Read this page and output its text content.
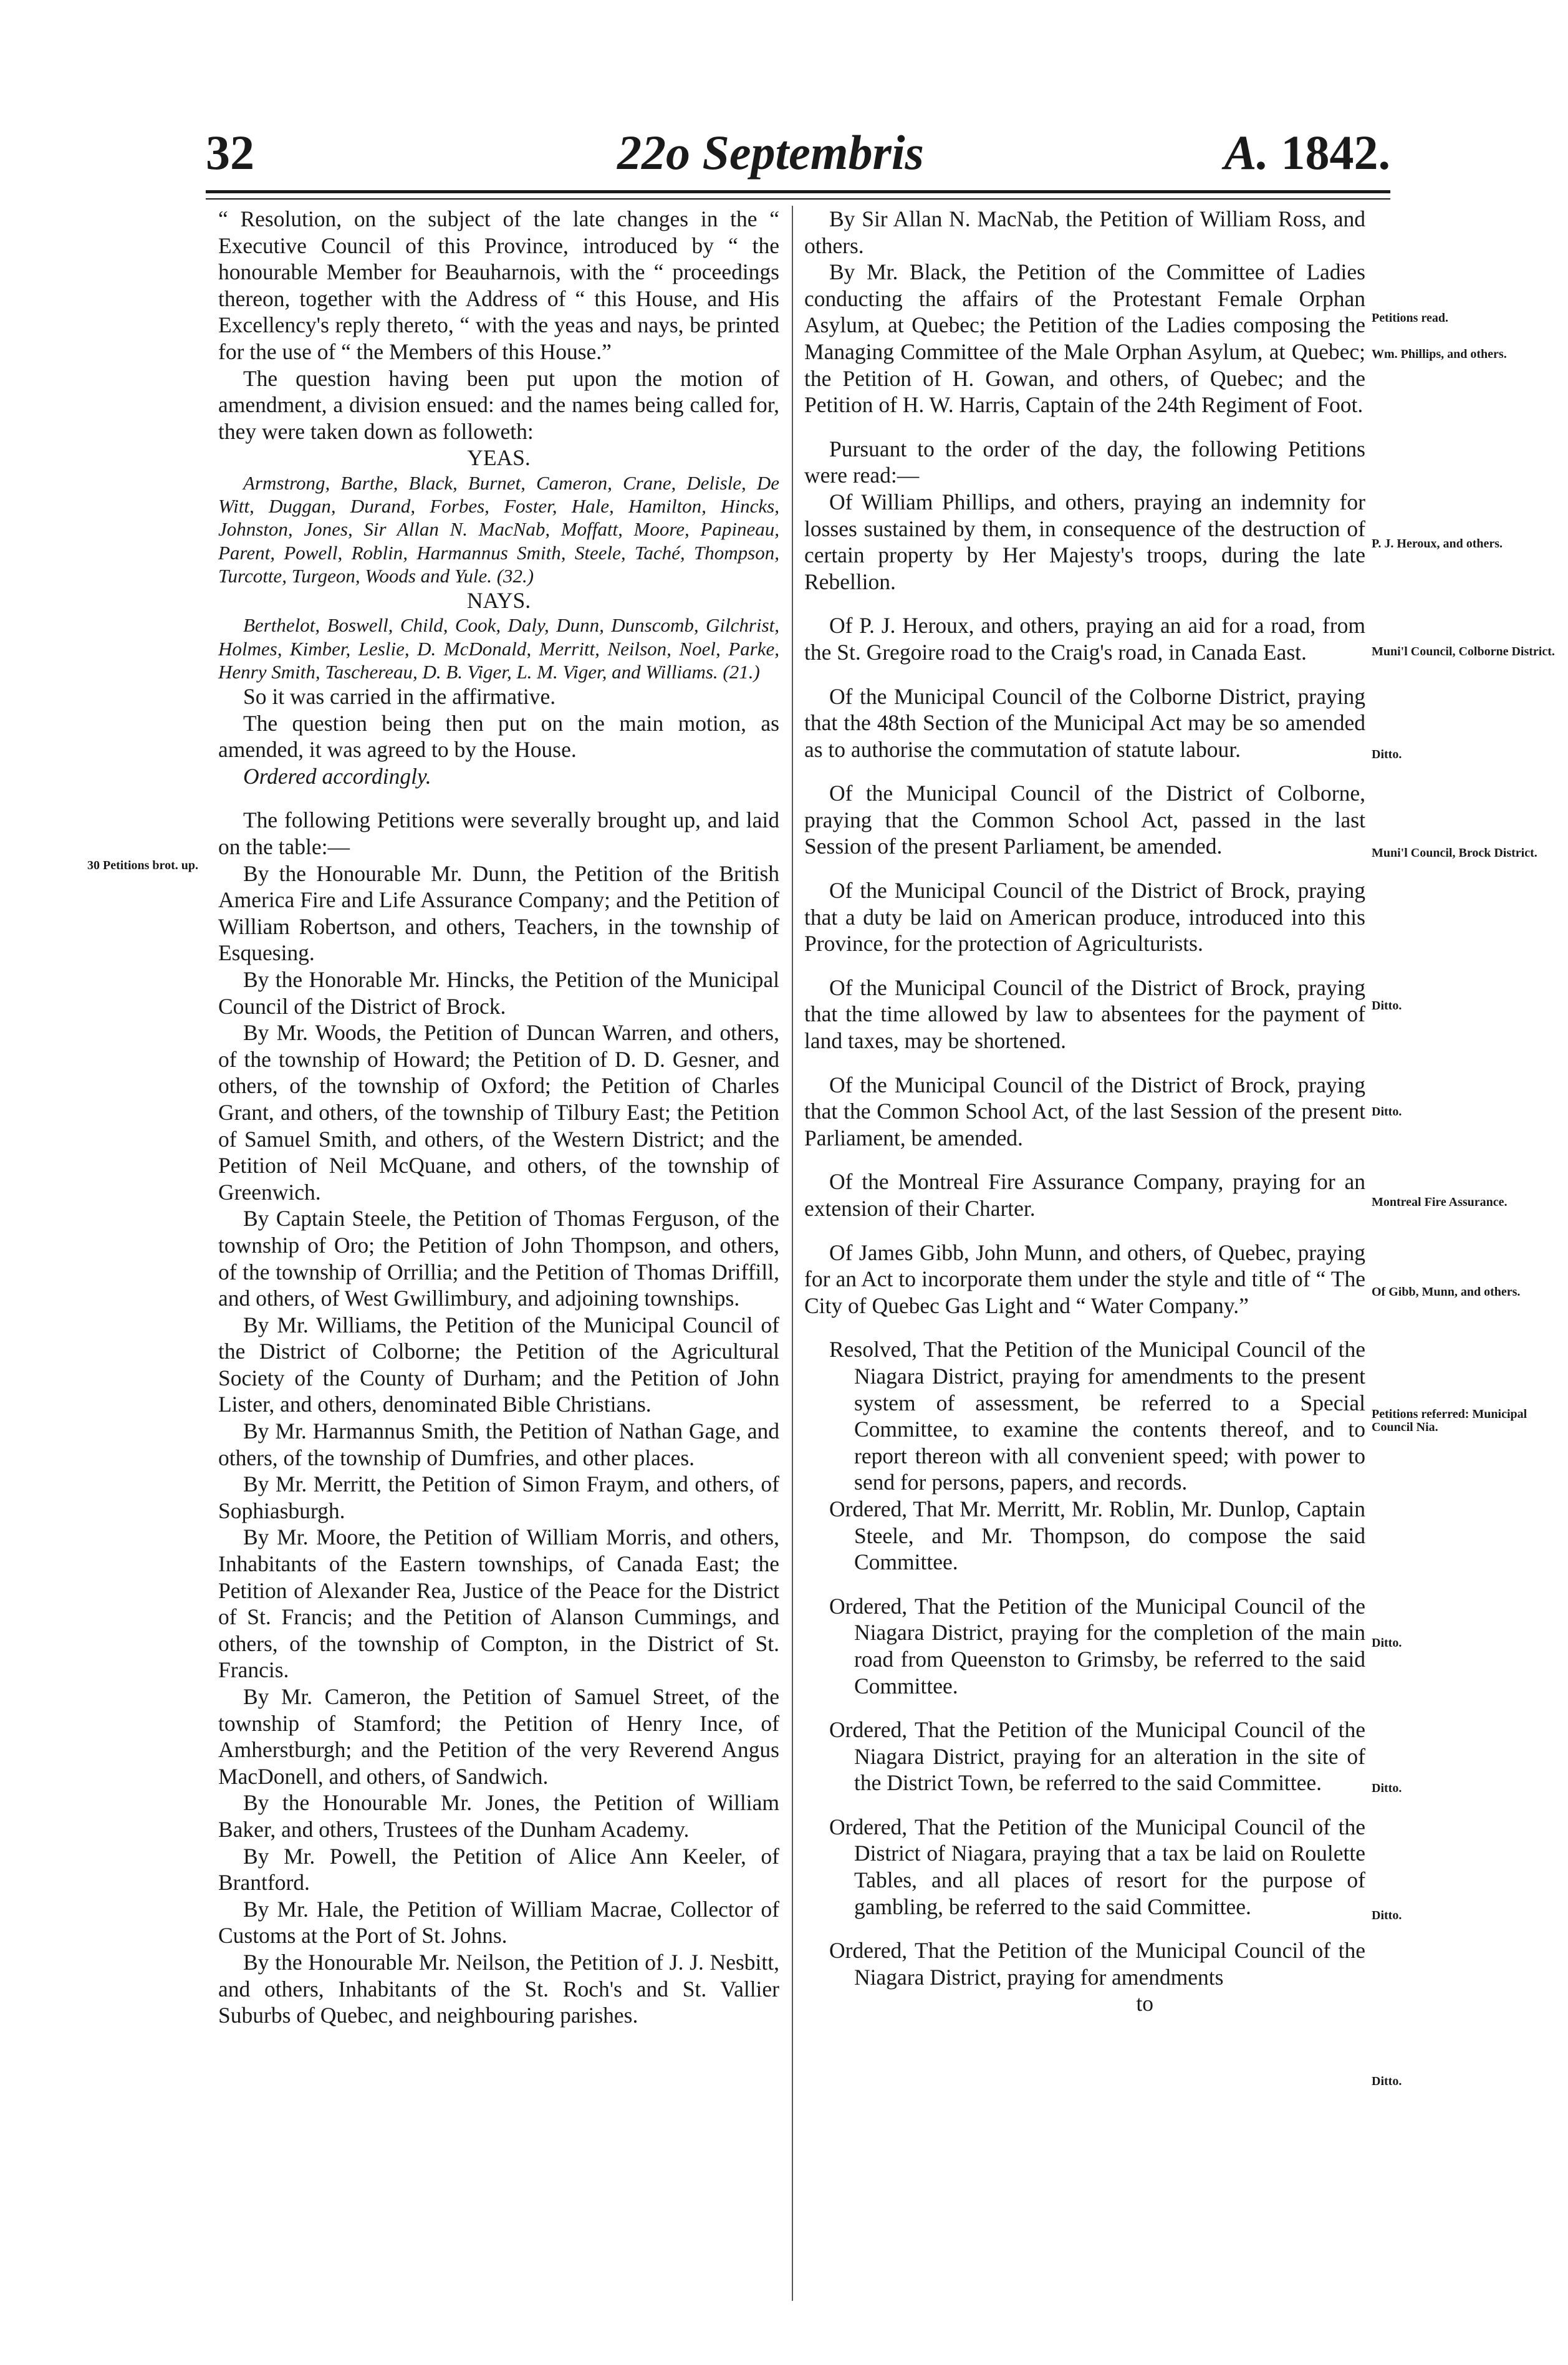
32	22o Septembris	A. 1842.

“ Resolution, on the subject of the late changes in the “ Executive Council of this Province, introduced by “ the honourable Member for Beauharnois, with the “ proceedings thereon, together with the Address of “ this House, and His Excellency's reply thereto, “ with the yeas and nays, be printed for the use of “ the Members of this House.”

The question having been put upon the motion of amendment, a division ensued: and the names being called for, they were taken down as followeth:

YEAS.

Armstrong, Barthe, Black, Burnet, Cameron, Crane, Delisle, De Witt, Duggan, Durand, Forbes, Foster, Hale, Hamilton, Hincks, Johnston, Jones, Sir Allan N. MacNab, Moffatt, Moore, Papineau, Parent, Powell, Roblin, Harmannus Smith, Steele, Taché, Thompson, Turcotte, Turgeon, Woods and Yule. (32.)

NAYS.

Berthelot, Boswell, Child, Cook, Daly, Dunn, Dunscomb, Gilchrist, Holmes, Kimber, Leslie, D. McDonald, Merritt, Neilson, Noel, Parke, Henry Smith, Taschereau, D. B. Viger, L. M. Viger, and Williams. (21.)

So it was carried in the affirmative.

The question being then put on the main motion, as amended, it was agreed to by the House.

Ordered accordingly.

The following Petitions were severally brought up, and laid on the table:—

By the Honourable Mr. Dunn, the Petition of the British America Fire and Life Assurance Company; and the Petition of William Robertson, and others, Teachers, in the township of Esquesing.

By the Honorable Mr. Hincks, the Petition of the Municipal Council of the District of Brock.

By Mr. Woods, the Petition of Duncan Warren, and others, of the township of Howard; the Petition of D. D. Gesner, and others, of the township of Oxford; the Petition of Charles Grant, and others, of the township of Tilbury East; the Petition of Samuel Smith, and others, of the Western District; and the Petition of Neil McQuane, and others, of the township of Greenwich.

By Captain Steele, the Petition of Thomas Ferguson, of the township of Oro; the Petition of John Thompson, and others, of the township of Orrillia; and the Petition of Thomas Driffill, and others, of West Gwillimbury, and adjoining townships.

By Mr. Williams, the Petition of the Municipal Council of the District of Colborne; the Petition of the Agricultural Society of the County of Durham; and the Petition of John Lister, and others, denominated Bible Christians.

By Mr. Harmannus Smith, the Petition of Nathan Gage, and others, of the township of Dumfries, and other places.

By Mr. Merritt, the Petition of Simon Fraym, and others, of Sophiasburgh.

By Mr. Moore, the Petition of William Morris, and others, Inhabitants of the Eastern townships, of Canada East; the Petition of Alexander Rea, Justice of the Peace for the District of St. Francis; and the Petition of Alanson Cummings, and others, of the township of Compton, in the District of St. Francis.

By Mr. Cameron, the Petition of Samuel Street, of the township of Stamford; the Petition of Henry Ince, of Amherstburgh; and the Petition of the very Reverend Angus MacDonell, and others, of Sandwich.

By the Honourable Mr. Jones, the Petition of William Baker, and others, Trustees of the Dunham Academy.

By Mr. Powell, the Petition of Alice Ann Keeler, of Brantford.

By Mr. Hale, the Petition of William Macrae, Collector of Customs at the Port of St. Johns.

By the Honourable Mr. Neilson, the Petition of J. J. Nesbitt, and others, Inhabitants of the St. Roch's and St. Vallier Suburbs of Quebec, and neighbouring parishes.

By Sir Allan N. MacNab, the Petition of William Ross, and others.

By Mr. Black, the Petition of the Committee of Ladies conducting the affairs of the Protestant Female Orphan Asylum, at Quebec; the Petition of the Ladies composing the Managing Committee of the Male Orphan Asylum, at Quebec; the Petition of H. Gowan, and others, of Quebec; and the Petition of H. W. Harris, Captain of the 24th Regiment of Foot.

Pursuant to the order of the day, the following Petitions were read:—

Of William Phillips, and others, praying an indemnity for losses sustained by them, in consequence of the destruction of certain property by Her Majesty's troops, during the late Rebellion.

Of P. J. Heroux, and others, praying an aid for a road, from the St. Gregoire road to the Craig's road, in Canada East.

Of the Municipal Council of the Colborne District, praying that the 48th Section of the Municipal Act may be so amended as to authorise the commutation of statute labour.

Of the Municipal Council of the District of Colborne, praying that the Common School Act, passed in the last Session of the present Parliament, be amended.

Of the Municipal Council of the District of Brock, praying that a duty be laid on American produce, introduced into this Province, for the protection of Agriculturists.

Of the Municipal Council of the District of Brock, praying that the time allowed by law to absentees for the payment of land taxes, may be shortened.

Of the Municipal Council of the District of Brock, praying that the Common School Act, of the last Session of the present Parliament, be amended.

Of the Montreal Fire Assurance Company, praying for an extension of their Charter.

Of James Gibb, John Munn, and others, of Quebec, praying for an Act to incorporate them under the style and title of “ The City of Quebec Gas Light and “ Water Company.”

Resolved, That the Petition of the Municipal Council of the Niagara District, praying for amendments to the present system of assessment, be referred to a Special Committee, to examine the contents thereof, and to report thereon with all convenient speed; with power to send for persons, papers, and records.

Ordered, That Mr. Merritt, Mr. Roblin, Mr. Dunlop, Captain Steele, and Mr. Thompson, do compose the said Committee.

Ordered, That the Petition of the Municipal Council of the Niagara District, praying for the completion of the main road from Queenston to Grimsby, be referred to the said Committee.

Ordered, That the Petition of the Municipal Council of the Niagara District, praying for an alteration in the site of the District Town, be referred to the said Committee.

Ordered, That the Petition of the Municipal Council of the District of Niagara, praying that a tax be laid on Roulette Tables, and all places of resort for the purpose of gambling, be referred to the said Committee.

Ordered, That the Petition of the Municipal Council of the Niagara District, praying for amendments

to

30 Petitions brot. up.
Petitions read.
Wm. Phillips, and others.
P. J. Heroux, and others.
Muni'l Council, Colborne District.
Ditto.
Muni'l Council, Brock District.
Ditto.
Ditto.
Montreal Fire Assurance.
Of Gibb, Munn, and others.
Petitions referred: Municipal Council Nia.
Ditto.
Ditto.
Ditto.
Ditto.
